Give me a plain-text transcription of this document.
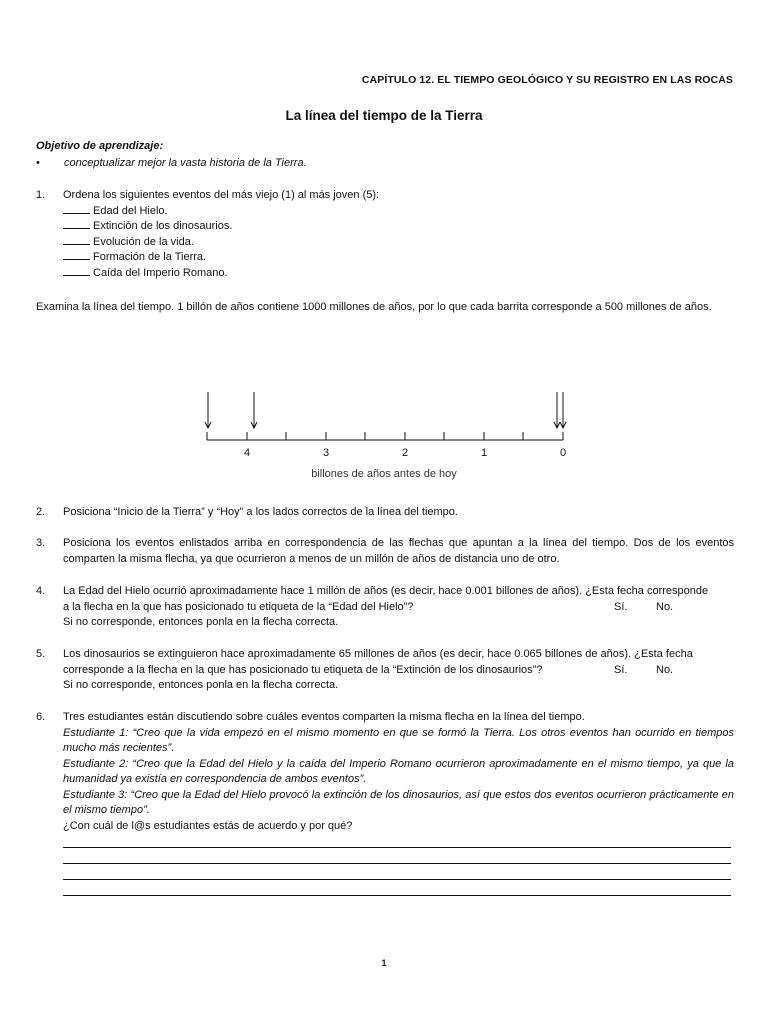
CAPÍTULO 12. EL TIEMPO GEOLÓGICO Y SU REGISTRO EN LAS ROCAS
La línea del tiempo de la Tierra
Objetivo de aprendizaje:
• conceptualizar mejor la vasta historia de la Tierra.
1. Ordena los siguientes eventos del más viejo (1) al más joven (5):
Edad del Hielo.
Extinción de los dinosaurios.
Evolución de la vida.
Formación de la Tierra.
Caída del Imperio Romano.
Examina la línea del tiempo. 1 billón de años contiene 1000 millones de años, por lo que cada barrita corresponde a 500 millones de años.
4	3	2	1	0
billones de años antes de hoy
2. Posiciona “Inicio de la Tierra” y “Hoy” a los lados correctos de la línea del tiempo.
3. Posiciona los eventos enlistados arriba en correspondencia de las flechas que apuntan a la línea del tiempo. Dos de los eventos comparten la misma flecha, ya que ocurrieron a menos de un millón de años de distancia uno de otro.
4. La Edad del Hielo ocurrió aproximadamente hace 1 millón de años (es decir, hace 0.001 billones de años). ¿Esta fecha corresponde
a la flecha en la que has posicionado tu etiqueta de la “Edad del Hielo”?	Sí.	No.
Si no corresponde, entonces ponla en la flecha correcta.
5. Los dinosaurios se extinguieron hace aproximadamente 65 millones de años (es decir, hace 0.065 billones de años). ¿Esta fecha
corresponde a la flecha en la que has posicionado tu etiqueta de la “Extinción de los dinosaurios”?	Sí.	No.
Si no corresponde, entonces ponla en la flecha correcta.
6. Tres estudiantes están discutiendo sobre cuáles eventos comparten la misma flecha en la línea del tiempo.
Estudiante 1: “Creo que la vida empezó en el mismo momento en que se formó la Tierra. Los otros eventos han ocurrido en tiempos mucho más recientes”.
Estudiante 2: “Creo que la Edad del Hielo y la caída del Imperio Romano ocurrieron aproximadamente en el mismo tiempo, ya que la humanidad ya existía en correspondencia de ambos eventos”.
Estudiante 3: “Creo que la Edad del Hielo provocó la extinción de los dinosaurios, así que estos dos eventos ocurrieron prácticamente en el mismo tiempo”.
¿Con cuál de l@s estudiantes estás de acuerdo y por qué?
1
